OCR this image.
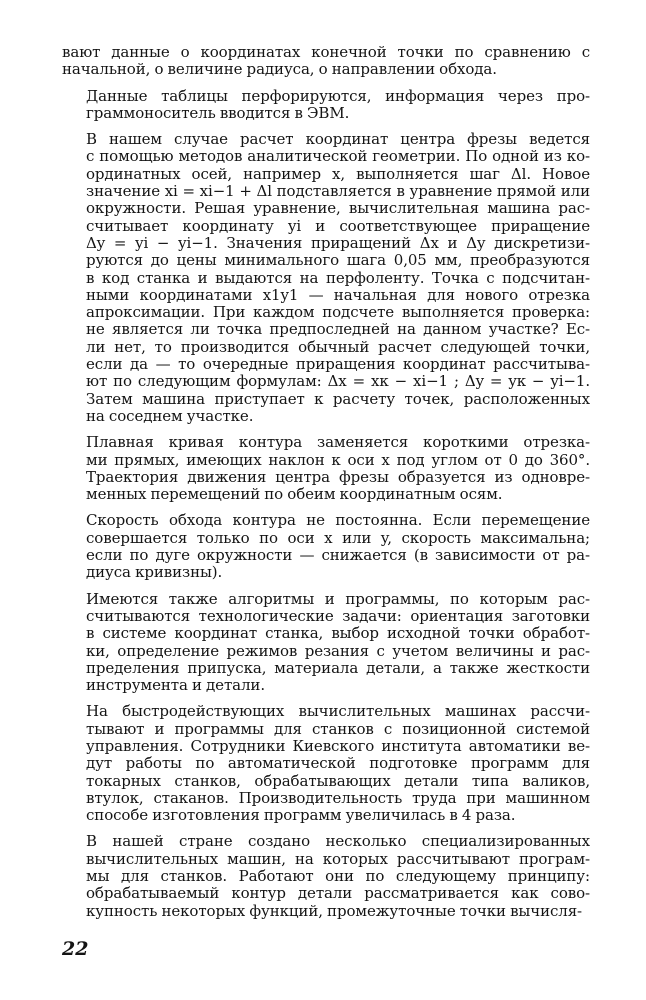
вают данные о координатах конечной точки по сравнению с
начальной, о величине радиуса, о направлении обхода.
Данные таблицы перфорируются, информация через про-
граммоноситель вводится в ЭВМ.
В нашем случае расчет координат центра фрезы ведется
с помощью методов аналитической геометрии. По одной из ко-
ординатных осей, например x, выполняется шаг Δl. Новое
значение xi = xi−1 + Δl подставляется в уравнение прямой или
окружности. Решая уравнение, вычислительная машина рас-
считывает координату yi и соответствующее приращение
Δy = yi − yi−1. Значения приращений Δx и Δy дискретизи-
руются до цены минимального шага 0,05 мм, преобразуются
в код станка и выдаются на перфоленту. Точка с подсчитан-
ными координатами x1y1 — начальная для нового отрезка
апроксимации. При каждом подсчете выполняется проверка:
не является ли точка предпоследней на данном участке? Ес-
ли нет, то производится обычный расчет следующей точки,
если да — то очередные приращения координат рассчитыва-
ют по следующим формулам: Δx = xк − xi−1 ; Δy = yк − yi−1.
Затем машина приступает к расчету точек, расположенных
на соседнем участке.
Плавная кривая контура заменяется короткими отрезка-
ми прямых, имеющих наклон к оси x под углом от 0 до 360°.
Траектория движения центра фрезы образуется из одновре-
менных перемещений по обеим координатным осям.
Скорость обхода контура не постоянна. Если перемещение
совершается только по оси x или y, скорость максимальна;
если по дуге окружности — снижается (в зависимости от ра-
диуса кривизны).
Имеются также алгоритмы и программы, по которым рас-
считываются технологические задачи: ориентация заготовки
в системе координат станка, выбор исходной точки обработ-
ки, определение режимов резания с учетом величины и рас-
пределения припуска, материала детали, а также жесткости
инструмента и детали.
На быстродействующих вычислительных машинах рассчи-
тывают и программы для станков с позиционной системой
управления. Сотрудники Киевского института автоматики ве-
дут работы по автоматической подготовке программ для
токарных станков, обрабатывающих детали типа валиков,
втулок, стаканов. Производительность труда при машинном
способе изготовления программ увеличилась в 4 раза.
В нашей стране создано несколько специализированных
вычислительных машин, на которых рассчитывают програм-
мы для станков. Работают они по следующему принципу:
обрабатываемый контур детали рассматривается как сово-
купность некоторых функций, промежуточные точки вычисля-
22
